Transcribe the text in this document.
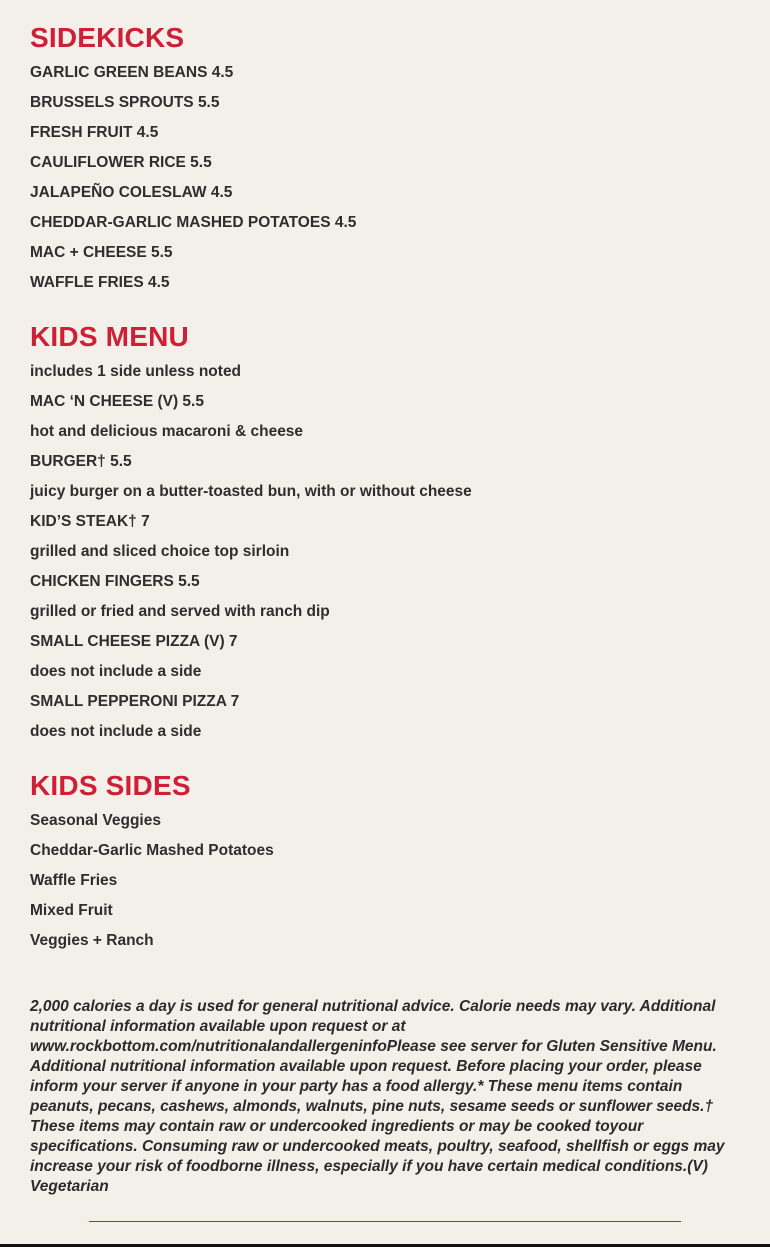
SIDEKICKS
GARLIC GREEN BEANS 4.5
BRUSSELS SPROUTS 5.5
FRESH FRUIT 4.5
CAULIFLOWER RICE 5.5
JALAPEÑO COLESLAW 4.5
CHEDDAR-GARLIC MASHED POTATOES 4.5
MAC + CHEESE 5.5
WAFFLE FRIES 4.5
KIDS MENU
includes 1 side unless noted
MAC ‘N CHEESE (V) 5.5
hot and delicious macaroni & cheese
BURGER† 5.5
juicy burger on a butter-toasted bun, with or without cheese
KID’S STEAK† 7
grilled and sliced choice top sirloin
CHICKEN FINGERS 5.5
grilled or fried and served with ranch dip
SMALL CHEESE PIZZA (V) 7
does not include a side
SMALL PEPPERONI PIZZA 7
does not include a side
KIDS SIDES
Seasonal Veggies
Cheddar-Garlic Mashed Potatoes
Waffle Fries
Mixed Fruit
Veggies + Ranch

2,000 calories a day is used for general nutritional advice. Calorie needs may vary. Additional nutritional information available upon request or at www.rockbottom.com/nutritionalandallergeninfoPlease see server for Gluten Sensitive Menu. Additional nutritional information available upon request. Before placing your order, please inform your server if anyone in your party has a food allergy.* These menu items contain peanuts, pecans, cashews, almonds, walnuts, pine nuts, sesame seeds or sunflower seeds.† These items may contain raw or undercooked ingredients or may be cooked toyour specifications. Consuming raw or undercooked meats, poultry, seafood, shellfish or eggs may increase your risk of foodborne illness, especially if you have certain medical conditions.(V) Vegetarian
